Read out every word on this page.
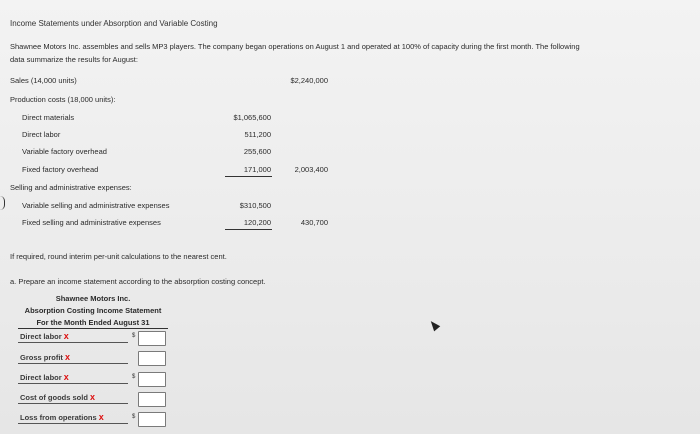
Income Statements under Absorption and Variable Costing
Shawnee Motors Inc. assembles and sells MP3 players. The company began operations on August 1 and operated at 100% of capacity during the first month. The following
data summarize the results for August:
Sales (14,000 units)	$2,240,000
Production costs (18,000 units):
Direct materials	$1,065,600
Direct labor	511,200
Variable factory overhead	255,600
Fixed factory overhead	171,000	2,003,400
Selling and administrative expenses:
Variable selling and administrative expenses	$310,500
Fixed selling and administrative expenses	120,200	430,700
If required, round interim per-unit calculations to the nearest cent.
a. Prepare an income statement according to the absorption costing concept.
Shawnee Motors Inc.
Absorption Costing Income Statement
For the Month Ended August 31
Direct labor x	$
Gross profit x
Direct labor x	$
Cost of goods sold x
Loss from operations x	$
